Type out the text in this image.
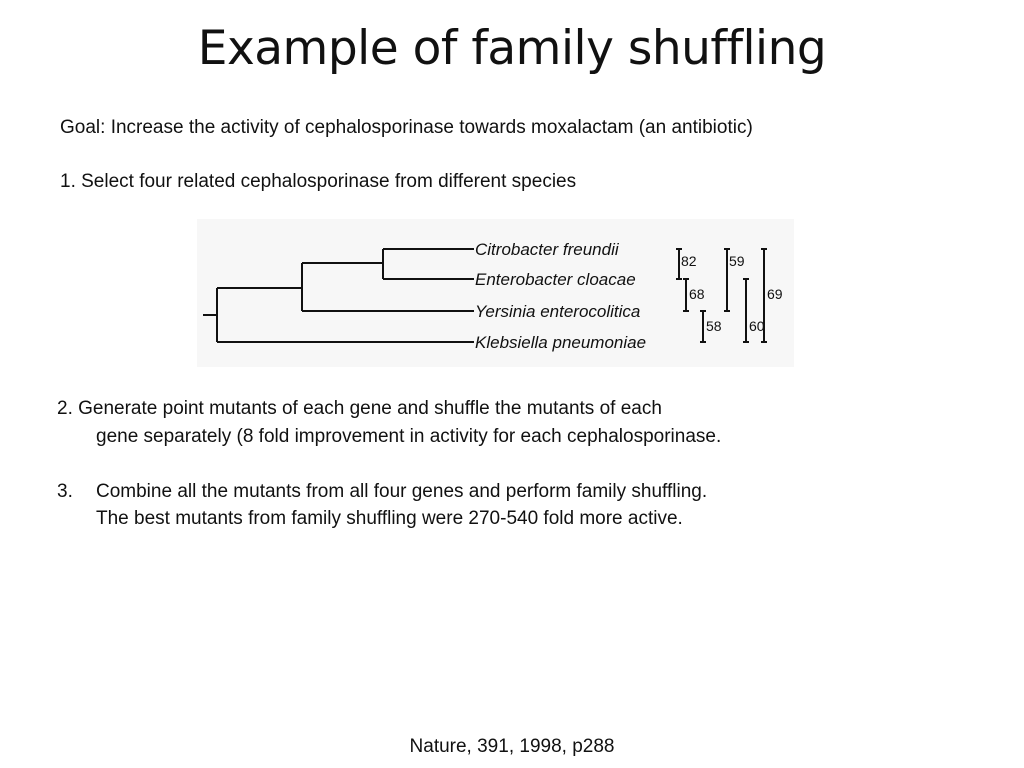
Example of family shuffling
Goal: Increase the activity of cephalosporinase towards moxalactam (an antibiotic)
1. Select four related cephalosporinase from different species
Citrobacter freundii
Enterobacter cloacae
Yersinia enterocolitica
Klebsiella pneumoniae
82
68
58
59
60
69
2. Generate point mutants of each gene and shuffle the mutants of each
gene separately (8 fold improvement in activity for each cephalosporinase.
3. Combine all the mutants from all four genes and perform family shuffling.
The best mutants from family shuffling were 270-540 fold more active.
Nature, 391, 1998, p288
